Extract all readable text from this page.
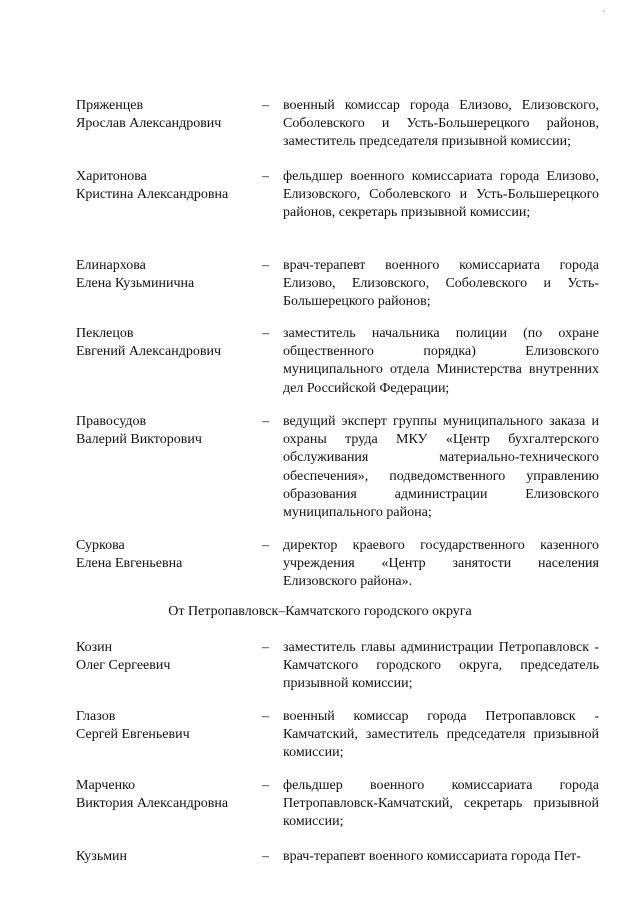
`
Пряженцев
Ярослав Александрович
– военный комиссар города Елизово, Елизовского, Соболевского и Усть-Большерецкого районов, заместитель председателя призывной комиссии;
Харитонова
Кристина Александровна
– фельдшер военного комиссариата города Елизово, Елизовского, Соболевского и Усть-Большерецкого районов, секретарь призывной комиссии;
Елинархова
Елена Кузьминична
– врач-терапевт военного комиссариата города Елизово, Елизовского, Соболевского и Усть-Большерецкого районов;
Пеклецов
Евгений Александрович
– заместитель начальника полиции (по охране общественного порядка) Елизовского муниципального отдела Министерства внутренних дел Российской Федерации;
Правосудов
Валерий Викторович
– ведущий эксперт группы муниципального заказа и охраны труда МКУ «Центр бухгалтерского обслуживания материально-технического обеспечения», подведомственного управлению образования администрации Елизовского муниципального района;
Суркова
Елена Евгеньевна
– директор краевого государственного казенного учреждения «Центр занятости населения Елизовского района».
От Петропавловск–Камчатского городского округа
Козин
Олег Сергеевич
– заместитель главы администрации Петропавловск - Камчатского городского округа, председатель призывной комиссии;
Глазов
Сергей Евгеньевич
– военный комиссар города Петропавловск - Камчатский, заместитель председателя призывной комиссии;
Марченко
Виктория Александровна
– фельдшер военного комиссариата города Петропавловск-Камчатский, секретарь призывной комиссии;
Кузьмин	– врач-терапевт военного комиссариата города Пет-
